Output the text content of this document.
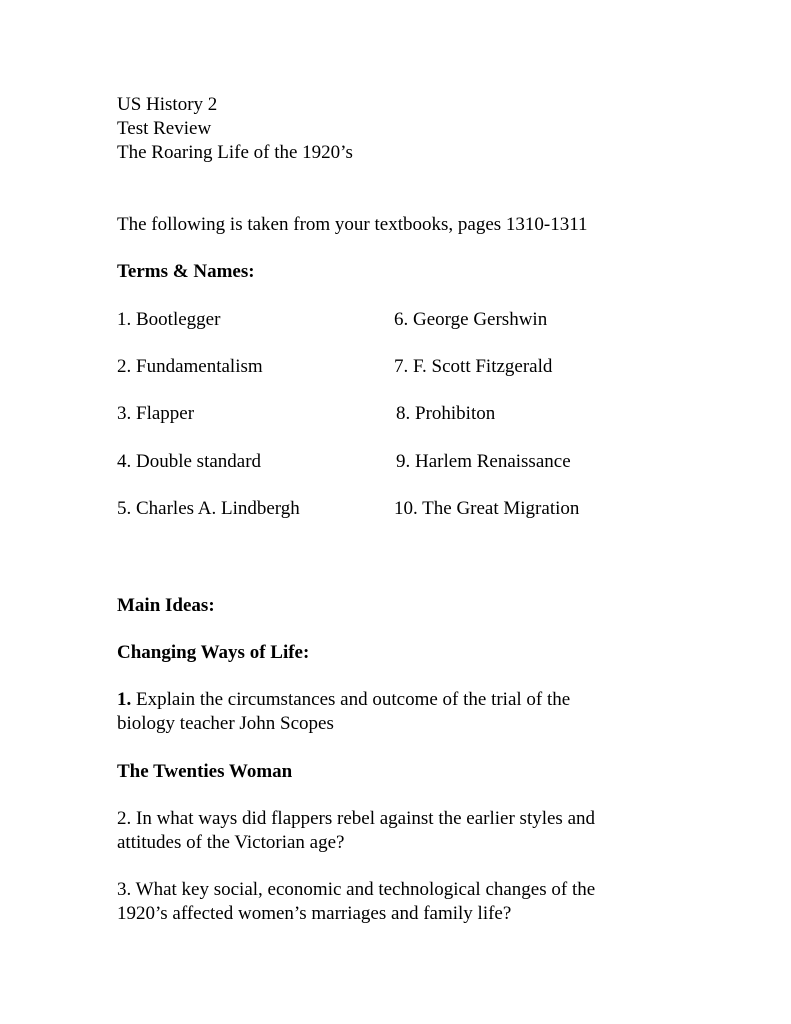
US History 2
Test Review
The Roaring Life of the 1920’s
The following is taken from your textbooks, pages 1310-1311
Terms & Names:
1. Bootlegger
2. Fundamentalism
3. Flapper
4. Double standard
5. Charles A. Lindbergh
6. George Gershwin
7. F. Scott Fitzgerald
8. Prohibiton
9. Harlem Renaissance
10. The Great Migration
Main Ideas:
Changing Ways of Life:
1. Explain the circumstances and outcome of the trial of the
biology teacher John Scopes
The Twenties Woman
2. In what ways did flappers rebel against the earlier styles and
attitudes of the Victorian age?
3. What key social, economic and technological changes of the
1920’s affected women’s marriages and family life?
